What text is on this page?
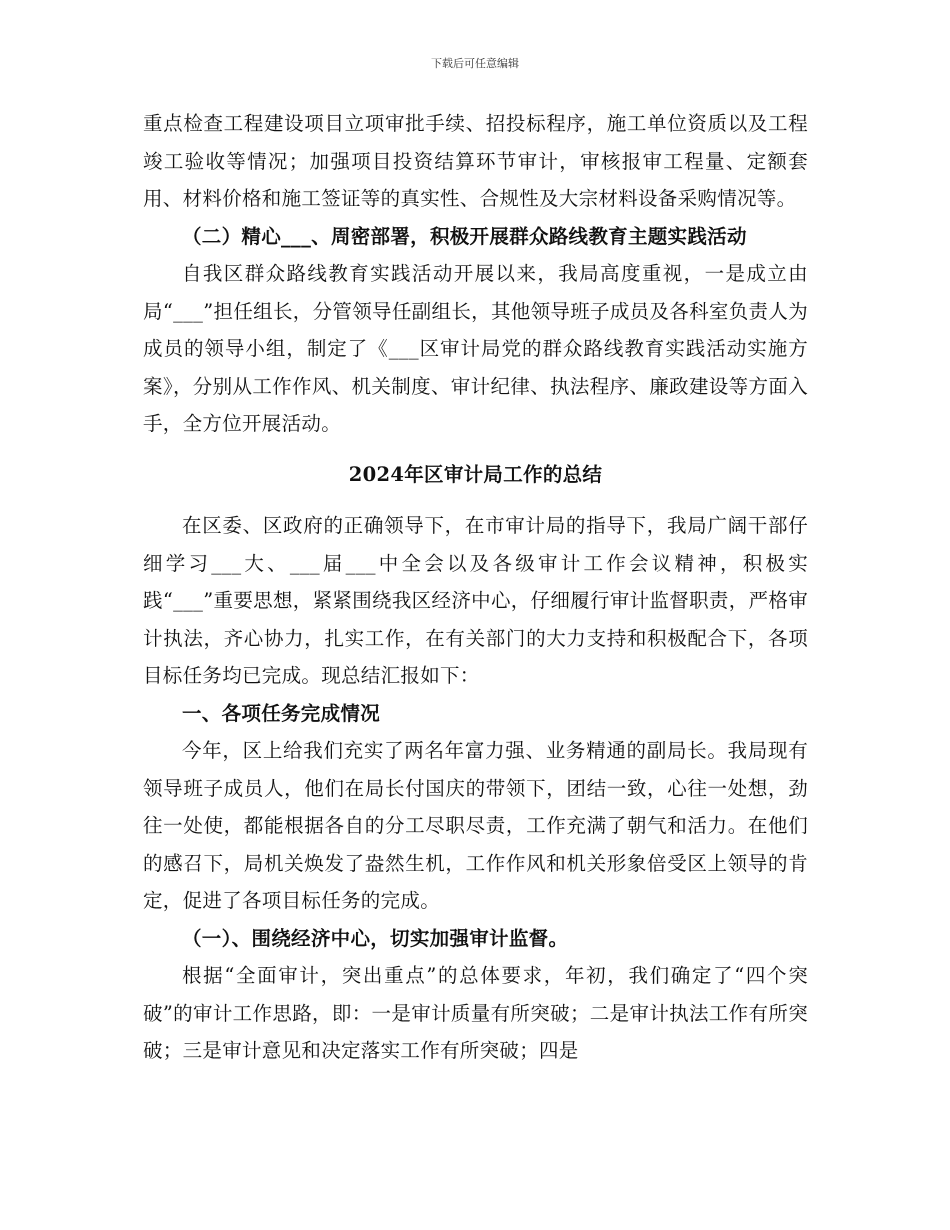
下载后可任意编辑

重点检查工程建设项目立项审批手续、招投标程序，施工单位资质以及工程竣工验收等情况；加强项目投资结算环节审计，审核报审工程量、定额套用、材料价格和施工签证等的真实性、合规性及大宗材料设备采购情况等。

（二）精心___、周密部署，积极开展群众路线教育主题实践活动

自我区群众路线教育实践活动开展以来，我局高度重视，一是成立由局“___”担任组长，分管领导任副组长，其他领导班子成员及各科室负责人为成员的领导小组，制定了《___区审计局党的群众路线教育实践活动实施方案》，分别从工作作风、机关制度、审计纪律、执法程序、廉政建设等方面入手，全方位开展活动。

2024年区审计局工作的总结

在区委、区政府的正确领导下，在市审计局的指导下，我局广阔干部仔细学习___大、___届___中全会以及各级审计工作会议精神，积极实践“___”重要思想，紧紧围绕我区经济中心，仔细履行审计监督职责，严格审计执法，齐心协力，扎实工作，在有关部门的大力支持和积极配合下，各项目标任务均已完成。现总结汇报如下：

一、各项任务完成情况

今年，区上给我们充实了两名年富力强、业务精通的副局长。我局现有领导班子成员人，他们在局长付国庆的带领下，团结一致，心往一处想，劲往一处使，都能根据各自的分工尽职尽责，工作充满了朝气和活力。在他们的感召下，局机关焕发了盎然生机，工作作风和机关形象倍受区上领导的肯定，促进了各项目标任务的完成。

（一）、围绕经济中心，切实加强审计监督。

根据“全面审计，突出重点”的总体要求，年初，我们确定了“四个突破”的审计工作思路，即：一是审计质量有所突破；二是审计执法工作有所突破；三是审计意见和决定落实工作有所突破；四是
